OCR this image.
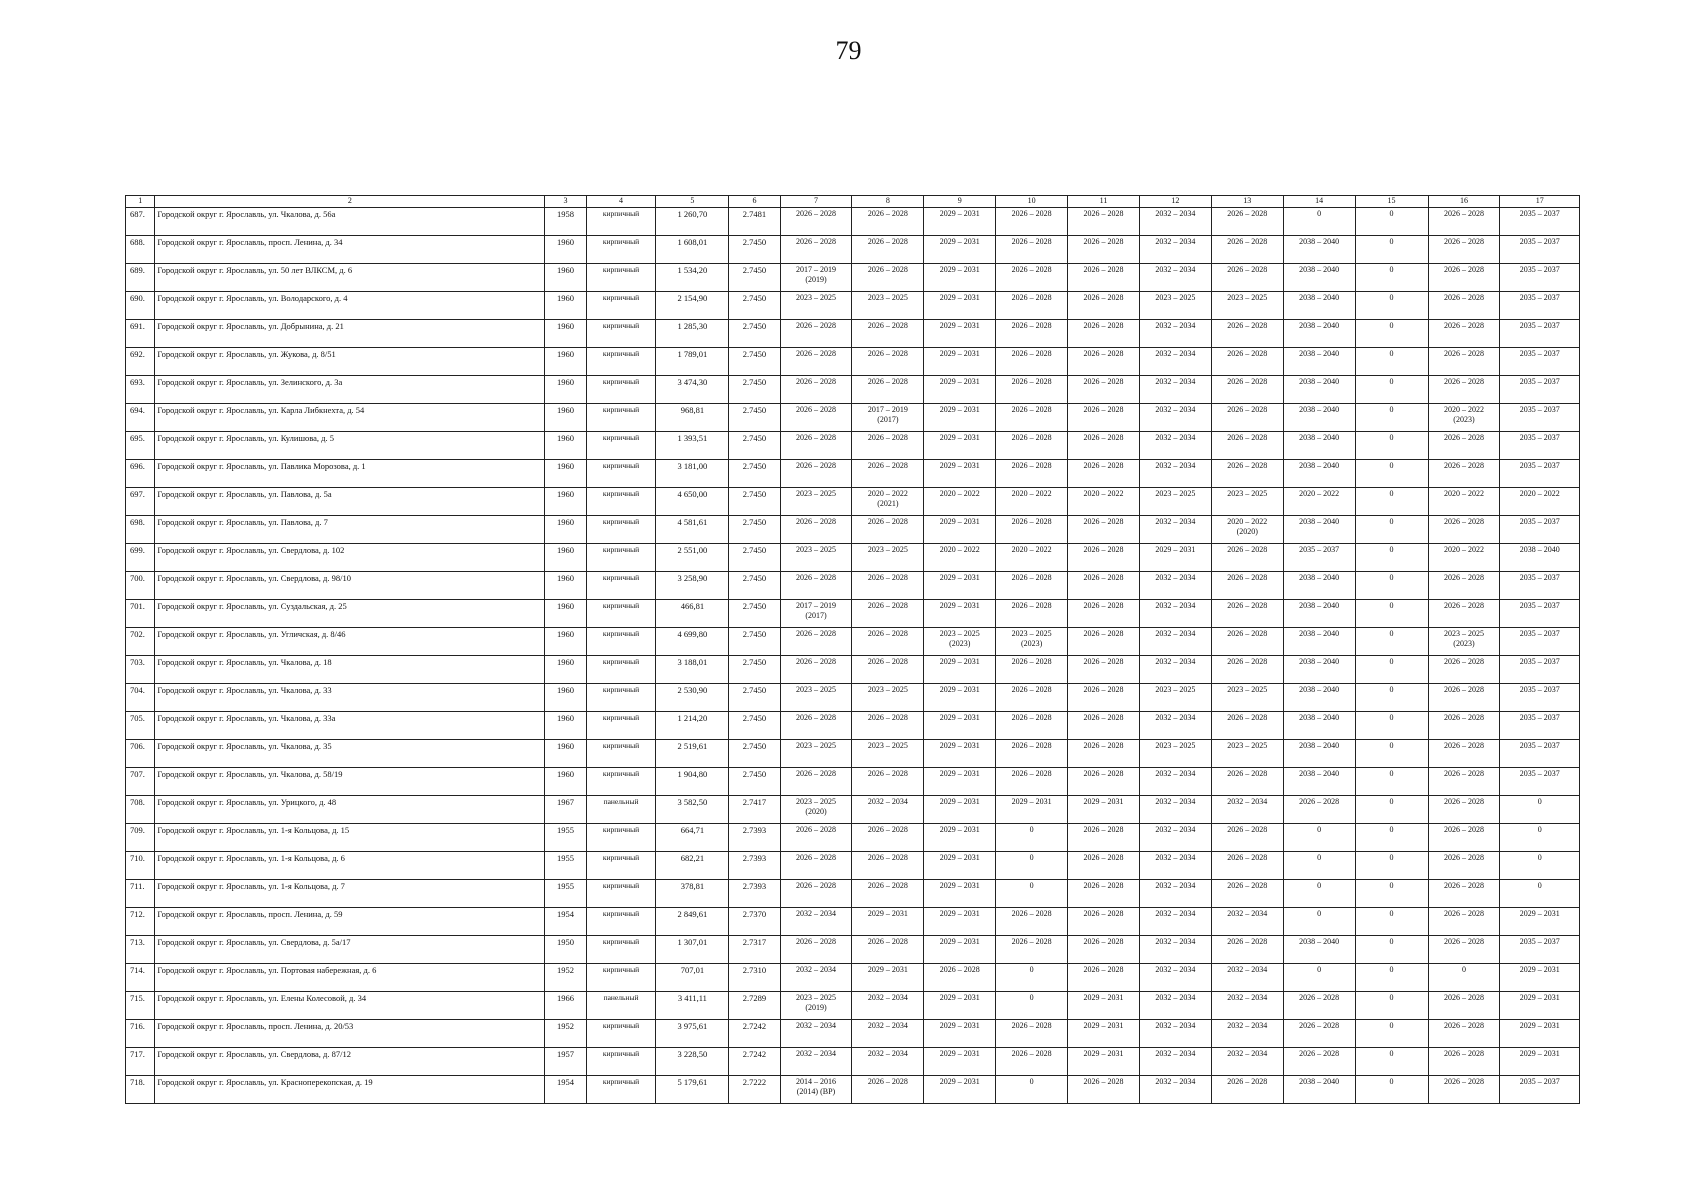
79
1	2	3	4	5	6	7	8	9	10	11	12	13	14	15	16	17

687.	Городской округ г. Ярославль, ул. Чкалова, д. 56а	1958	кирпичный	1 260,70	2.7481	2026 – 2028	2026 – 2028	2029 – 2031	2026 – 2028	2026 – 2028	2032 – 2034	2026 – 2028	0	0	2026 – 2028	2035 – 2037

688.	Городской округ г. Ярославль, просп. Ленина, д. 34	1960	кирпичный	1 608,01	2.7450	2026 – 2028	2026 – 2028	2029 – 2031	2026 – 2028	2026 – 2028	2032 – 2034	2026 – 2028	2038 – 2040	0	2026 – 2028	2035 – 2037

689.	Городской округ г. Ярославль, ул. 50 лет ВЛКСМ, д. 6	1960	кирпичный	1 534,20	2.7450	2017 – 2019
(2019)	2026 – 2028	2029 – 2031	2026 – 2028	2026 – 2028	2032 – 2034	2026 – 2028	2038 – 2040	0	2026 – 2028	2035 – 2037

690.	Городской округ г. Ярославль, ул. Володарского, д. 4	1960	кирпичный	2 154,90	2.7450	2023 – 2025	2023 – 2025	2029 – 2031	2026 – 2028	2026 – 2028	2023 – 2025	2023 – 2025	2038 – 2040	0	2026 – 2028	2035 – 2037

691.	Городской округ г. Ярославль, ул. Добрынина, д. 21	1960	кирпичный	1 285,30	2.7450	2026 – 2028	2026 – 2028	2029 – 2031	2026 – 2028	2026 – 2028	2032 – 2034	2026 – 2028	2038 – 2040	0	2026 – 2028	2035 – 2037

692.	Городской округ г. Ярославль, ул. Жукова, д. 8/51	1960	кирпичный	1 789,01	2.7450	2026 – 2028	2026 – 2028	2029 – 2031	2026 – 2028	2026 – 2028	2032 – 2034	2026 – 2028	2038 – 2040	0	2026 – 2028	2035 – 2037

693.	Городской округ г. Ярославль, ул. Зелинского, д. 3а	1960	кирпичный	3 474,30	2.7450	2026 – 2028	2026 – 2028	2029 – 2031	2026 – 2028	2026 – 2028	2032 – 2034	2026 – 2028	2038 – 2040	0	2026 – 2028	2035 – 2037

694.	Городской округ г. Ярославль, ул. Карла Либкнехта, д. 54	1960	кирпичный	968,81	2.7450	2026 – 2028	2017 – 2019
(2017)	2029 – 2031	2026 – 2028	2026 – 2028	2032 – 2034	2026 – 2028	2038 – 2040	0	2020 – 2022
(2023)	2035 – 2037

695.	Городской округ г. Ярославль, ул. Кулишова, д. 5	1960	кирпичный	1 393,51	2.7450	2026 – 2028	2026 – 2028	2029 – 2031	2026 – 2028	2026 – 2028	2032 – 2034	2026 – 2028	2038 – 2040	0	2026 – 2028	2035 – 2037

696.	Городской округ г. Ярославль, ул. Павлика Морозова, д. 1	1960	кирпичный	3 181,00	2.7450	2026 – 2028	2026 – 2028	2029 – 2031	2026 – 2028	2026 – 2028	2032 – 2034	2026 – 2028	2038 – 2040	0	2026 – 2028	2035 – 2037

697.	Городской округ г. Ярославль, ул. Павлова, д. 5а	1960	кирпичный	4 650,00	2.7450	2023 – 2025	2020 – 2022
(2021)	2020 – 2022	2020 – 2022	2020 – 2022	2023 – 2025	2023 – 2025	2020 – 2022	0	2020 – 2022	2020 – 2022

698.	Городской округ г. Ярославль, ул. Павлова, д. 7	1960	кирпичный	4 581,61	2.7450	2026 – 2028	2026 – 2028	2029 – 2031	2026 – 2028	2026 – 2028	2032 – 2034	2020 – 2022
(2020)	2038 – 2040	0	2026 – 2028	2035 – 2037

699.	Городской округ г. Ярославль, ул. Свердлова, д. 102	1960	кирпичный	2 551,00	2.7450	2023 – 2025	2023 – 2025	2020 – 2022	2020 – 2022	2026 – 2028	2029 – 2031	2026 – 2028	2035 – 2037	0	2020 – 2022	2038 – 2040

700.	Городской округ г. Ярославль, ул. Свердлова, д. 98/10	1960	кирпичный	3 258,90	2.7450	2026 – 2028	2026 – 2028	2029 – 2031	2026 – 2028	2026 – 2028	2032 – 2034	2026 – 2028	2038 – 2040	0	2026 – 2028	2035 – 2037

701.	Городской округ г. Ярославль, ул. Суздальская, д. 25	1960	кирпичный	466,81	2.7450	2017 – 2019
(2017)	2026 – 2028	2029 – 2031	2026 – 2028	2026 – 2028	2032 – 2034	2026 – 2028	2038 – 2040	0	2026 – 2028	2035 – 2037

702.	Городской округ г. Ярославль, ул. Угличская, д. 8/46	1960	кирпичный	4 699,80	2.7450	2026 – 2028	2026 – 2028	2023 – 2025
(2023)	2023 – 2025
(2023)	2026 – 2028	2032 – 2034	2026 – 2028	2038 – 2040	0	2023 – 2025
(2023)	2035 – 2037

703.	Городской округ г. Ярославль, ул. Чкалова, д. 18	1960	кирпичный	3 188,01	2.7450	2026 – 2028	2026 – 2028	2029 – 2031	2026 – 2028	2026 – 2028	2032 – 2034	2026 – 2028	2038 – 2040	0	2026 – 2028	2035 – 2037

704.	Городской округ г. Ярославль, ул. Чкалова, д. 33	1960	кирпичный	2 530,90	2.7450	2023 – 2025	2023 – 2025	2029 – 2031	2026 – 2028	2026 – 2028	2023 – 2025	2023 – 2025	2038 – 2040	0	2026 – 2028	2035 – 2037

705.	Городской округ г. Ярославль, ул. Чкалова, д. 33а	1960	кирпичный	1 214,20	2.7450	2026 – 2028	2026 – 2028	2029 – 2031	2026 – 2028	2026 – 2028	2032 – 2034	2026 – 2028	2038 – 2040	0	2026 – 2028	2035 – 2037

706.	Городской округ г. Ярославль, ул. Чкалова, д. 35	1960	кирпичный	2 519,61	2.7450	2023 – 2025	2023 – 2025	2029 – 2031	2026 – 2028	2026 – 2028	2023 – 2025	2023 – 2025	2038 – 2040	0	2026 – 2028	2035 – 2037

707.	Городской округ г. Ярославль, ул. Чкалова, д. 58/19	1960	кирпичный	1 904,80	2.7450	2026 – 2028	2026 – 2028	2029 – 2031	2026 – 2028	2026 – 2028	2032 – 2034	2026 – 2028	2038 – 2040	0	2026 – 2028	2035 – 2037

708.	Городской округ г. Ярославль, ул. Урицкого, д. 48	1967	панельный	3 582,50	2.7417	2023 – 2025
(2020)	2032 – 2034	2029 – 2031	2029 – 2031	2029 – 2031	2032 – 2034	2032 – 2034	2026 – 2028	0	2026 – 2028	0

709.	Городской округ г. Ярославль, ул. 1-я Кольцова, д. 15	1955	кирпичный	664,71	2.7393	2026 – 2028	2026 – 2028	2029 – 2031	0	2026 – 2028	2032 – 2034	2026 – 2028	0	0	2026 – 2028	0

710.	Городской округ г. Ярославль, ул. 1-я Кольцова, д. 6	1955	кирпичный	682,21	2.7393	2026 – 2028	2026 – 2028	2029 – 2031	0	2026 – 2028	2032 – 2034	2026 – 2028	0	0	2026 – 2028	0

711.	Городской округ г. Ярославль, ул. 1-я Кольцова, д. 7	1955	кирпичный	378,81	2.7393	2026 – 2028	2026 – 2028	2029 – 2031	0	2026 – 2028	2032 – 2034	2026 – 2028	0	0	2026 – 2028	0

712.	Городской округ г. Ярославль, просп. Ленина, д. 59	1954	кирпичный	2 849,61	2.7370	2032 – 2034	2029 – 2031	2029 – 2031	2026 – 2028	2026 – 2028	2032 – 2034	2032 – 2034	0	0	2026 – 2028	2029 – 2031

713.	Городской округ г. Ярославль, ул. Свердлова, д. 5а/17	1950	кирпичный	1 307,01	2.7317	2026 – 2028	2026 – 2028	2029 – 2031	2026 – 2028	2026 – 2028	2032 – 2034	2026 – 2028	2038 – 2040	0	2026 – 2028	2035 – 2037

714.	Городской округ г. Ярославль, ул. Портовая набережная, д. 6	1952	кирпичный	707,01	2.7310	2032 – 2034	2029 – 2031	2026 – 2028	0	2026 – 2028	2032 – 2034	2032 – 2034	0	0	0	2029 – 2031

715.	Городской округ г. Ярославль, ул. Елены Колесовой, д. 34	1966	панельный	3 411,11	2.7289	2023 – 2025
(2019)	2032 – 2034	2029 – 2031	0	2029 – 2031	2032 – 2034	2032 – 2034	2026 – 2028	0	2026 – 2028	2029 – 2031

716.	Городской округ г. Ярославль, просп. Ленина, д. 20/53	1952	кирпичный	3 975,61	2.7242	2032 – 2034	2032 – 2034	2029 – 2031	2026 – 2028	2029 – 2031	2032 – 2034	2032 – 2034	2026 – 2028	0	2026 – 2028	2029 – 2031

717.	Городской округ г. Ярославль, ул. Свердлова, д. 87/12	1957	кирпичный	3 228,50	2.7242	2032 – 2034	2032 – 2034	2029 – 2031	2026 – 2028	2029 – 2031	2032 – 2034	2032 – 2034	2026 – 2028	0	2026 – 2028	2029 – 2031

718.	Городской округ г. Ярославль, ул. Красноперекопская, д. 19	1954	кирпичный	5 179,61	2.7222	2014 – 2016
(2014) (ВР)	2026 – 2028	2029 – 2031	0	2026 – 2028	2032 – 2034	2026 – 2028	2038 – 2040	0	2026 – 2028	2035 – 2037
